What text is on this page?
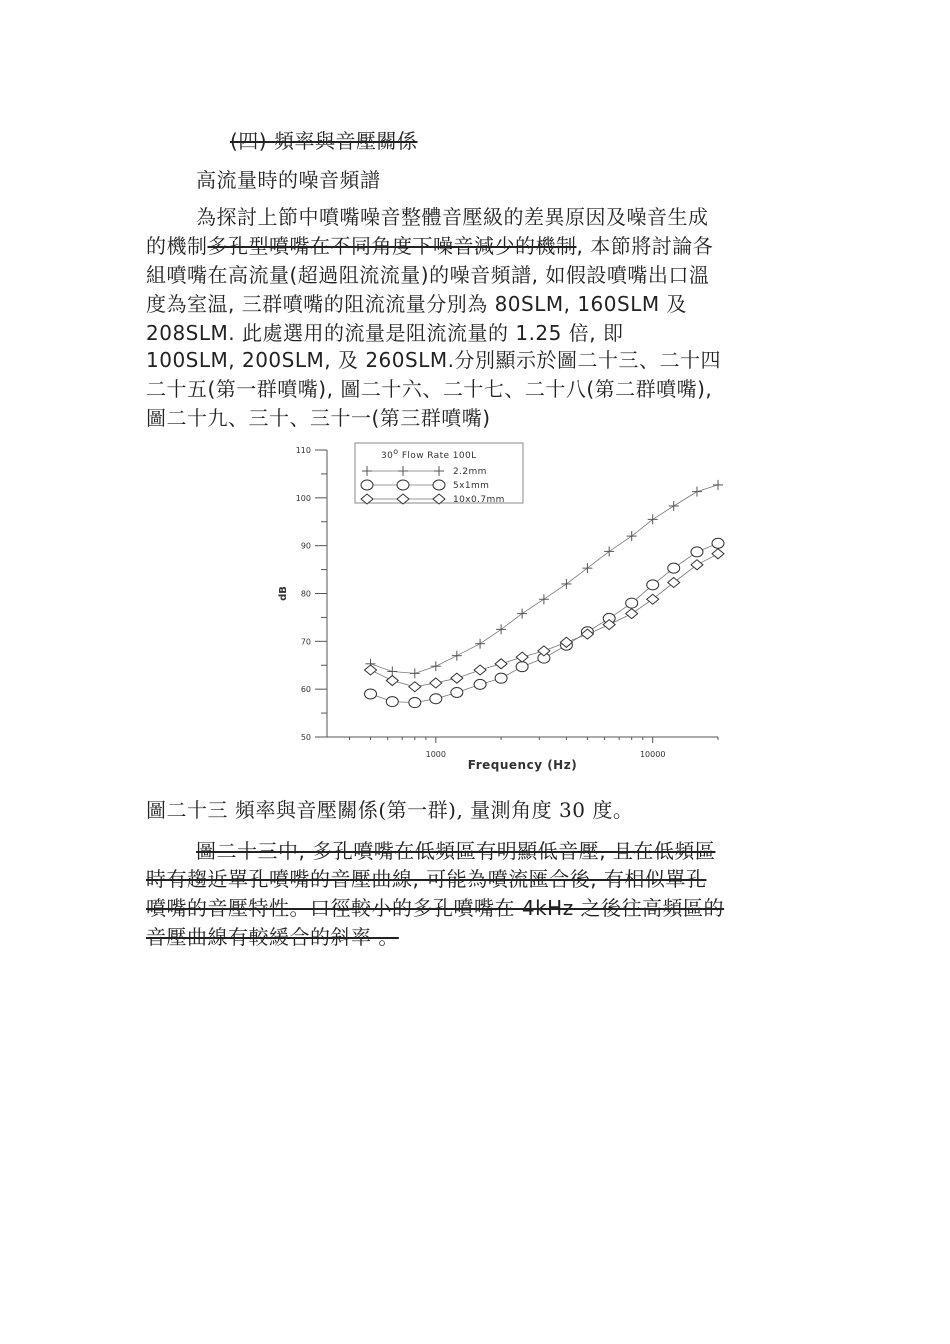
(四) 頻率與音壓關係
高流量時的噪音頻譜
為探討上節中噴嘴噪音整體音壓級的差異原因及噪音生成
的機制多孔型噴嘴在不同角度下噪音減少的機制, 本節將討論各
組噴嘴在高流量(超過阻流流量)的噪音頻譜, 如假設噴嘴出口溫
度為室温, 三群噴嘴的阻流流量分別為 80SLM, 160SLM 及
208SLM. 此處選用的流量是阻流流量的 1.25 倍, 即
100SLM, 200SLM, 及 260SLM.分別顯示於圖二十三、二十四
二十五(第一群噴嘴), 圖二十六、二十七、二十八(第二群噴嘴),
圖二十九、三十、三十一(第三群噴嘴)
50
60
70
80
90
100
110
1000	10000
Frequency (Hz)
dB
30o Flow Rate 100L
2.2mm
5x1mm
10x0.7mm
圖二十三 頻率與音壓關係(第一群), 量測角度 30 度。
圖二十三中, 多孔噴嘴在低頻區有明顯低音壓, 且在低頻區
時有趨近單孔噴嘴的音壓曲線, 可能為噴流匯合後, 有相似單孔
噴嘴的音壓特性。口徑較小的多孔噴嘴在 4kHz 之後往高頻區的
音壓曲線有較緩合的斜率 。
